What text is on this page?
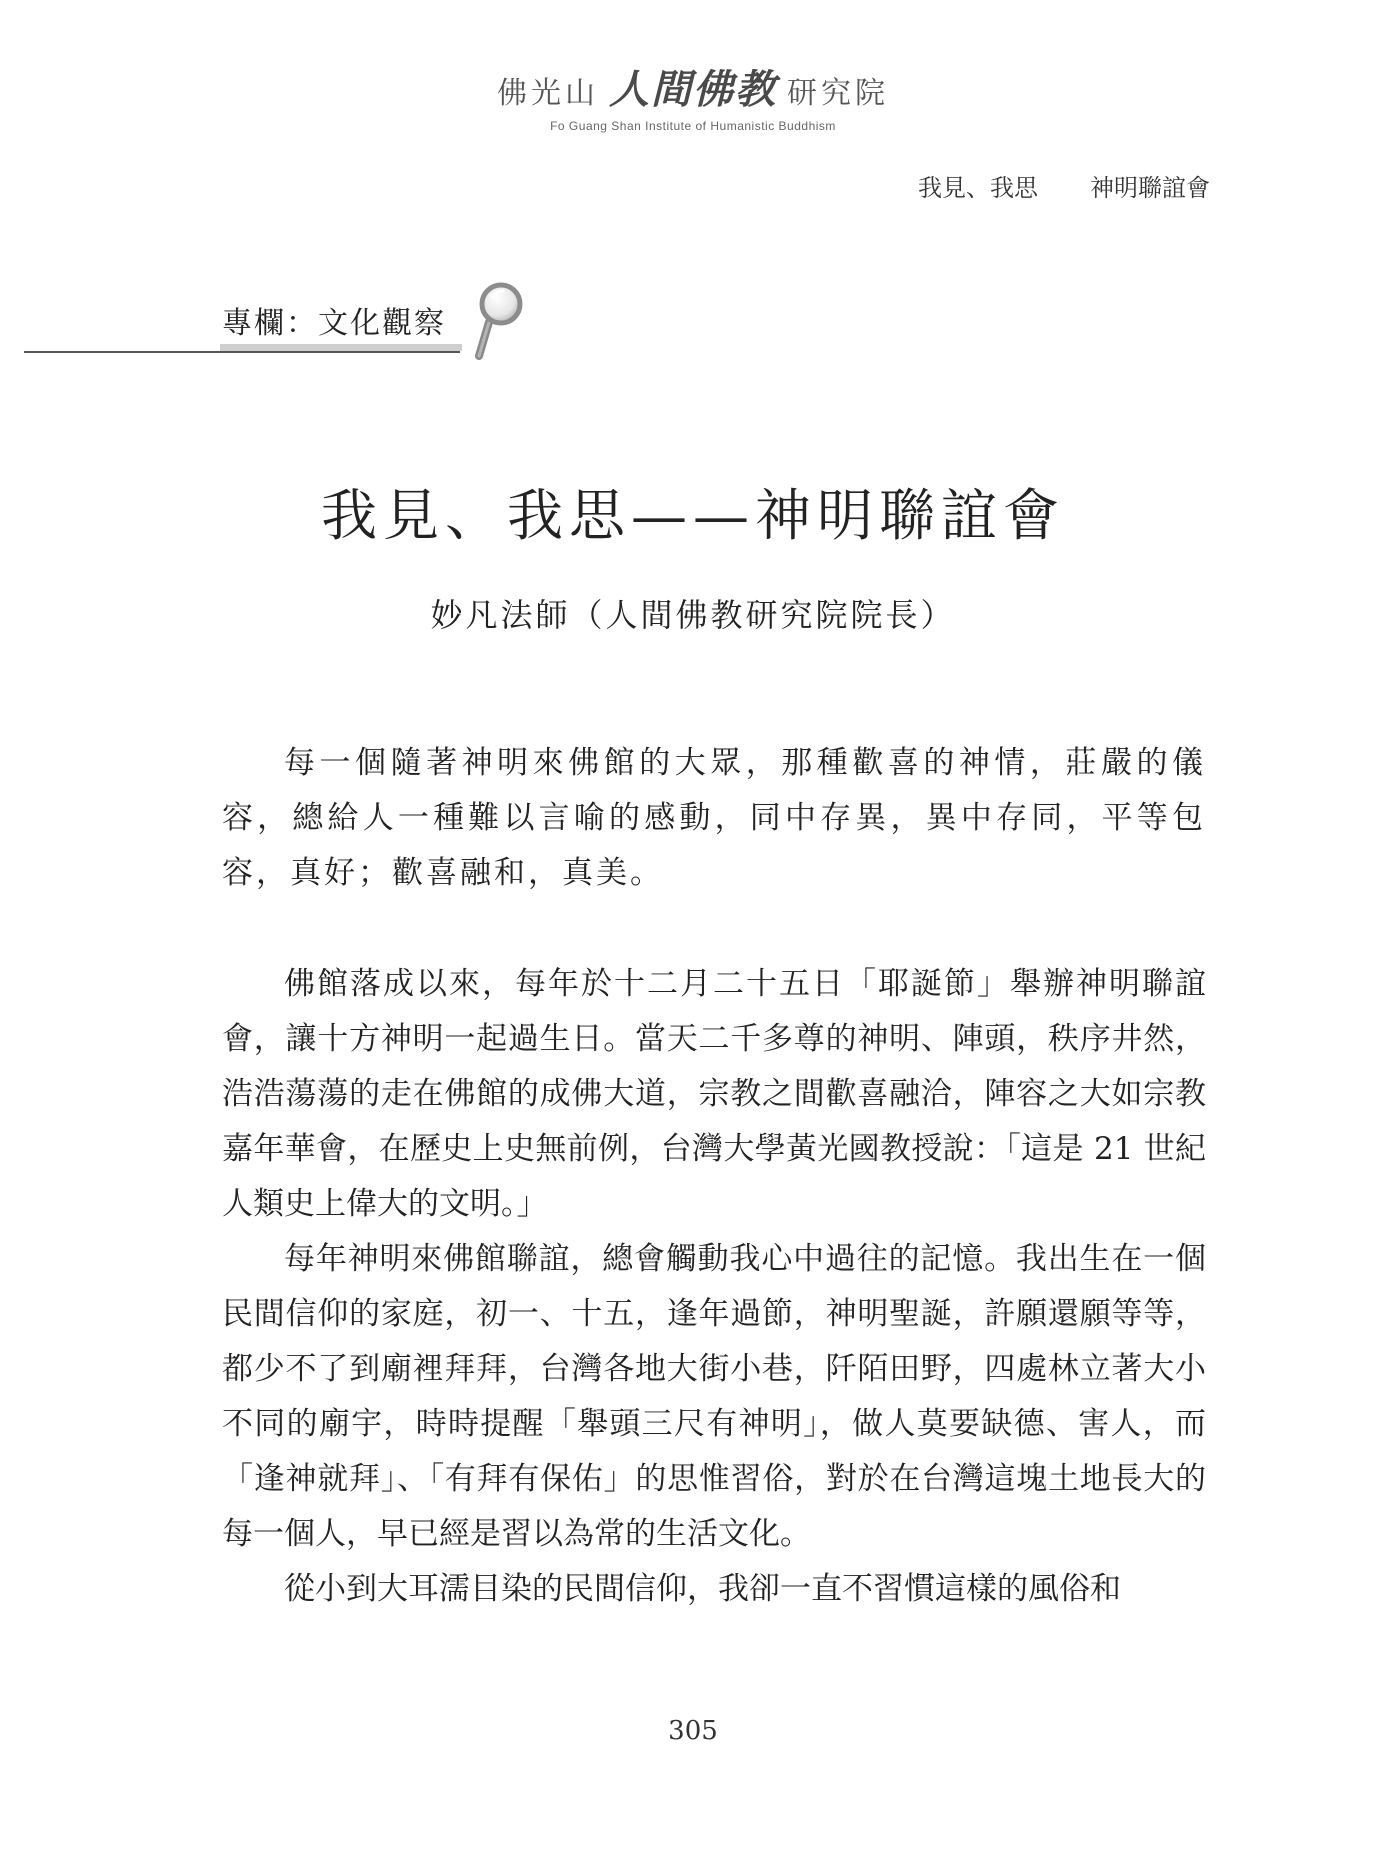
佛光山 人間佛教 研究院
Fo Guang Shan Institute of Humanistic Buddhism
我見、我思 神明聯誼會
專欄：文化觀察
我見、我思——神明聯誼會
妙凡法師（人間佛教研究院院長）

每一個隨著神明來佛館的大眾，那種歡喜的神情，莊嚴的儀容，總給人一種難以言喻的感動，同中存異，異中存同，平等包容，真好；歡喜融和，真美。

佛館落成以來，每年於十二月二十五日「耶誕節」舉辦神明聯誼會，讓十方神明一起過生日。當天二千多尊的神明、陣頭，秩序井然，浩浩蕩蕩的走在佛館的成佛大道，宗教之間歡喜融洽，陣容之大如宗教嘉年華會，在歷史上史無前例，台灣大學黃光國教授說：「這是 21 世紀人類史上偉大的文明。」

每年神明來佛館聯誼，總會觸動我心中過往的記憶。我出生在一個民間信仰的家庭，初一、十五，逢年過節，神明聖誕，許願還願等等，都少不了到廟裡拜拜，台灣各地大街小巷，阡陌田野，四處林立著大小不同的廟宇，時時提醒「舉頭三尺有神明」，做人莫要缺德、害人，而「逢神就拜」、「有拜有保佑」的思惟習俗，對於在台灣這塊土地長大的每一個人，早已經是習以為常的生活文化。

從小到大耳濡目染的民間信仰，我卻一直不習慣這樣的風俗和

305
